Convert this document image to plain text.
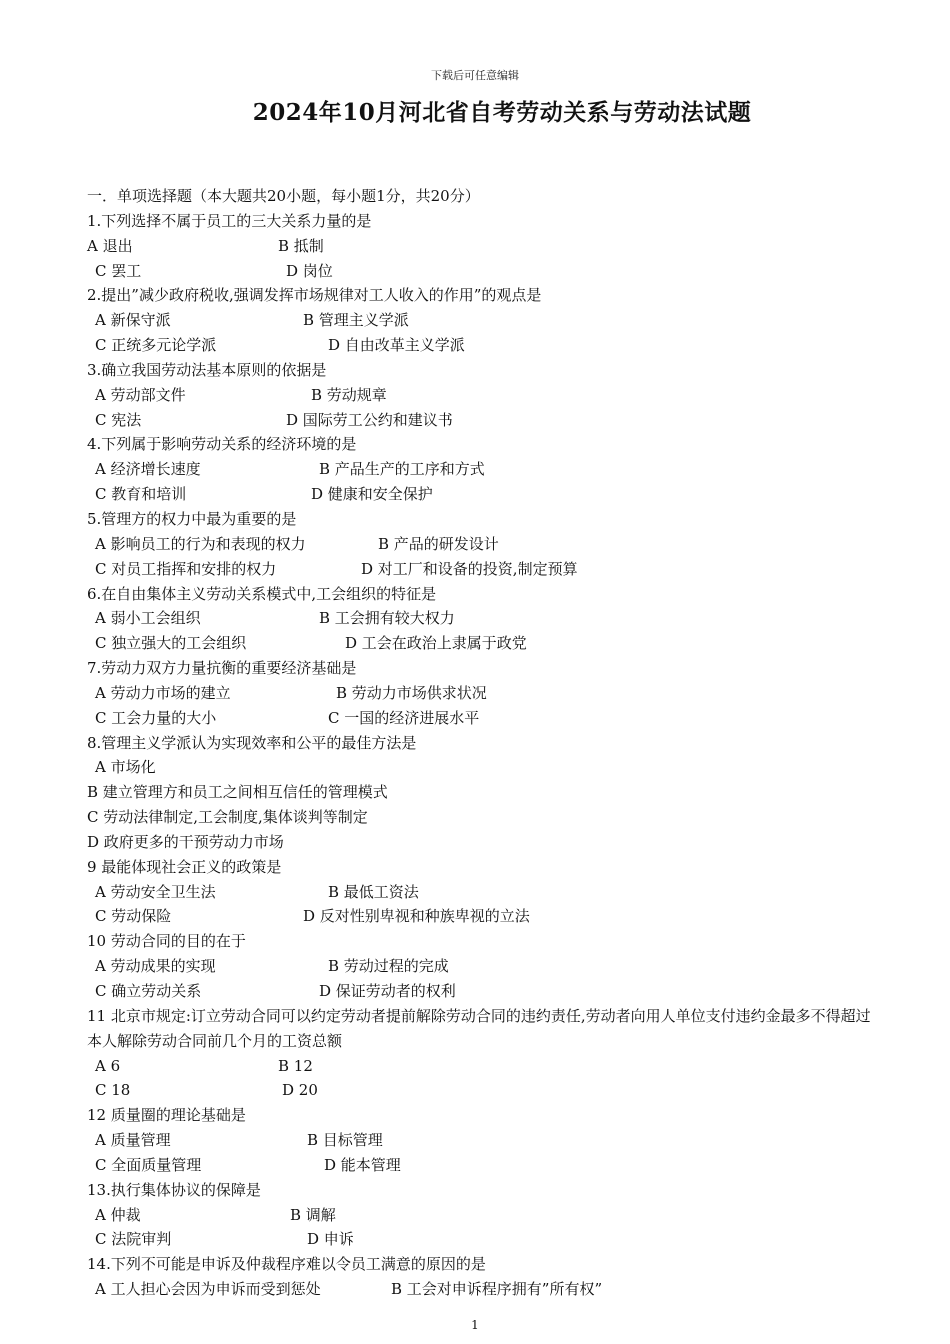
下载后可任意编辑
2024年10月河北省自考劳动关系与劳动法试题
一．单项选择题（本大题共20小题，每小题1分，共20分）
1.下列选择不属于员工的三大关系力量的是
A 退出	B 抵制
C 罢工	D 岗位
2.提出”减少政府税收,强调发挥市场规律对工人收入的作用”的观点是
A 新保守派	B 管理主义学派
C 正统多元论学派	D 自由改革主义学派
3.确立我国劳动法基本原则的依据是
A 劳动部文件	B 劳动规章
C 宪法	D 国际劳工公约和建议书
4.下列属于影响劳动关系的经济环境的是
A 经济增长速度	B 产品生产的工序和方式
C 教育和培训	D 健康和安全保护
5.管理方的权力中最为重要的是
A 影响员工的行为和表现的权力	B 产品的研发设计
C 对员工指挥和安排的权力	D 对工厂和设备的投资,制定预算
6.在自由集体主义劳动关系模式中,工会组织的特征是
A 弱小工会组织	B 工会拥有较大权力
C 独立强大的工会组织	D 工会在政治上隶属于政党
7.劳动力双方力量抗衡的重要经济基础是
A 劳动力市场的建立	B 劳动力市场供求状况
C 工会力量的大小	C 一国的经济进展水平
8.管理主义学派认为实现效率和公平的最佳方法是
A 市场化
B 建立管理方和员工之间相互信任的管理模式
C 劳动法律制定,工会制度,集体谈判等制定
D 政府更多的干预劳动力市场
9 最能体现社会正义的政策是
A 劳动安全卫生法	B 最低工资法
C 劳动保险	D 反对性别卑视和种族卑视的立法
10 劳动合同的目的在于
A 劳动成果的实现	B 劳动过程的完成
C 确立劳动关系	D 保证劳动者的权利
11 北京市规定:订立劳动合同可以约定劳动者提前解除劳动合同的违约责任,劳动者向用人单位支付违约金最多不得超过本人解除劳动合同前几个月的工资总额
A 6	B 12
C 18	D 20
12 质量圈的理论基础是
A 质量管理	B 目标管理
C 全面质量管理	D 能本管理
13.执行集体协议的保障是
A 仲裁	B 调解
C 法院审判	D 申诉
14.下列不可能是申诉及仲裁程序难以令员工满意的原因的是
A 工人担心会因为申诉而受到惩处	B 工会对申诉程序拥有”所有权”
1
